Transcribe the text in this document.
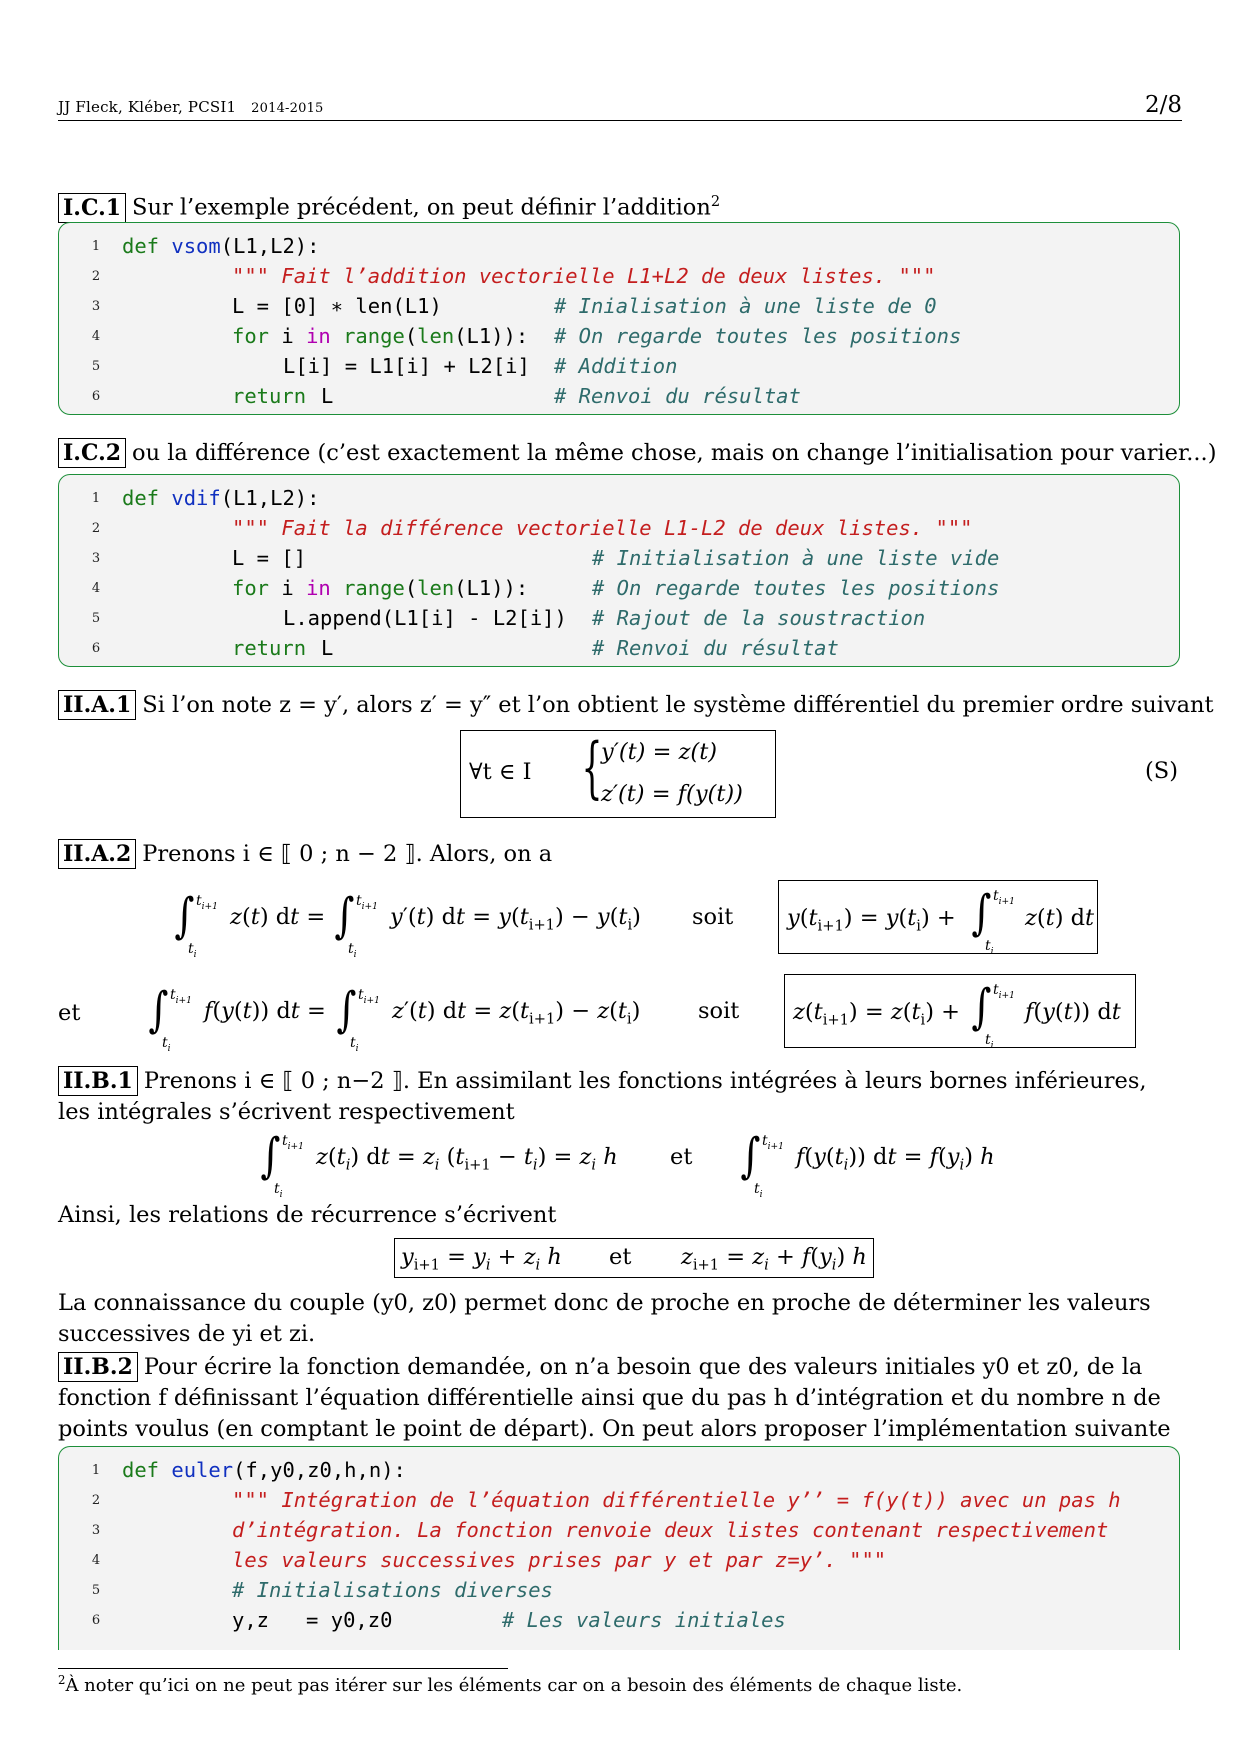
JJ Fleck, Kléber, PCSI1 2014-2015	2/8
I.C.1 Sur l’exemple précédent, on peut définir l’addition$^2$
1	def vsom(L1,L2):
2	""" Fait l’addition vectorielle L1+L2 de deux listes. """
3	L = [0] ∗ len(L1)	# Inialisation à une liste de 0
4	for i in range(len(L1)): # On regarde toutes les positions
5	L[i] = L1[i] + L2[i] # Addition
6	return L	# Renvoi du résultat
I.C.2 ou la différence (c’est exactement la même chose, mais on change l’initialisation pour varier...)
1	def vdif(L1,L2):
2	""" Fait la différence vectorielle L1-L2 de deux listes. """
3	L = []	# Initialisation à une liste vide
4	for i in range(len(L1)):	# On regarde toutes les positions
5	L.append(L1[i] - L2[i]) # Rajout de la soustraction
6	return L	# Renvoi du résultat
II.A.1 Si l’on note z = y′, alors z′ = y″ et l’on obtient le système différentiel du premier ordre suivant
∀t ∈ I {
y′(t) = z(t)
z′(t) = f(y(t))
(S)
II.A.2 Prenons i ∈ ⟦ 0 ; n − 2 ⟧. Alors, on a
∫ $t_{i+1}$
$t_i$
z (t) dt = ∫ $t_{i+1}$
$t_i$
y′(t) dt = $y(t_{i+1}) - y(t_i)$ soit $y(t_{i+1}) = y(t_i)$ + ∫ $t_{i+1}$
$t_i$
z(t) dt
et ∫ $t_{i+1}$
$t_i$
f(y(t)) dt = ∫ $t_{i+1}$
$t_i$
z′(t) dt = $z(t_{i+1}) - z(t_i)$	soit $z(t_{i+1}) = z(t_i)$ + ∫ $t_{i+1}$
$t_i$
f(y(t)) dt
II.B.1 Prenons i ∈ ⟦ 0 ; n−2 ⟧. En assimilant les fonctions intégrées à leurs bornes inférieures, les intégrales s’écrivent respectivement
∫ $t_{i+1}$
$t_i$
$z(t_i)$ dt = $z_i$ $(t_{i+1} - t_i) = z_i$ h et ∫ $t_{i+1}$
$t_i$
$f(y(t_i))$ dt = $f(y_i)$ h
Ainsi, les relations de récurrence s’écrivent
$y_{i+1} = y_i + z_i$ h et $z_{i+1} = z_i + f(y_i)$ h
La connaissance du couple (y0, z0) permet donc de proche en proche de déterminer les valeurs successives de yi et zi.
II.B.2 Pour écrire la fonction demandée, on n’a besoin que des valeurs initiales y0 et z0, de la fonction f définissant l’équation différentielle ainsi que du pas h d’intégration et du nombre n de points voulus (en comptant le point de départ). On peut alors proposer l’implémentation suivante
1	def euler(f,y0,z0,h,n):
2	""" Intégration de l’équation différentielle y’’ = f(y(t)) avec un pas h
3	d’intégration. La fonction renvoie deux listes contenant respectivement
4	les valeurs successives prises par y et par z=y’. """
5	# Initialisations diverses
6	y,z   = y0,z0	# Les valeurs initiales
$^2$À noter qu’ici on ne peut pas itérer sur les éléments car on a besoin des éléments de chaque liste.
